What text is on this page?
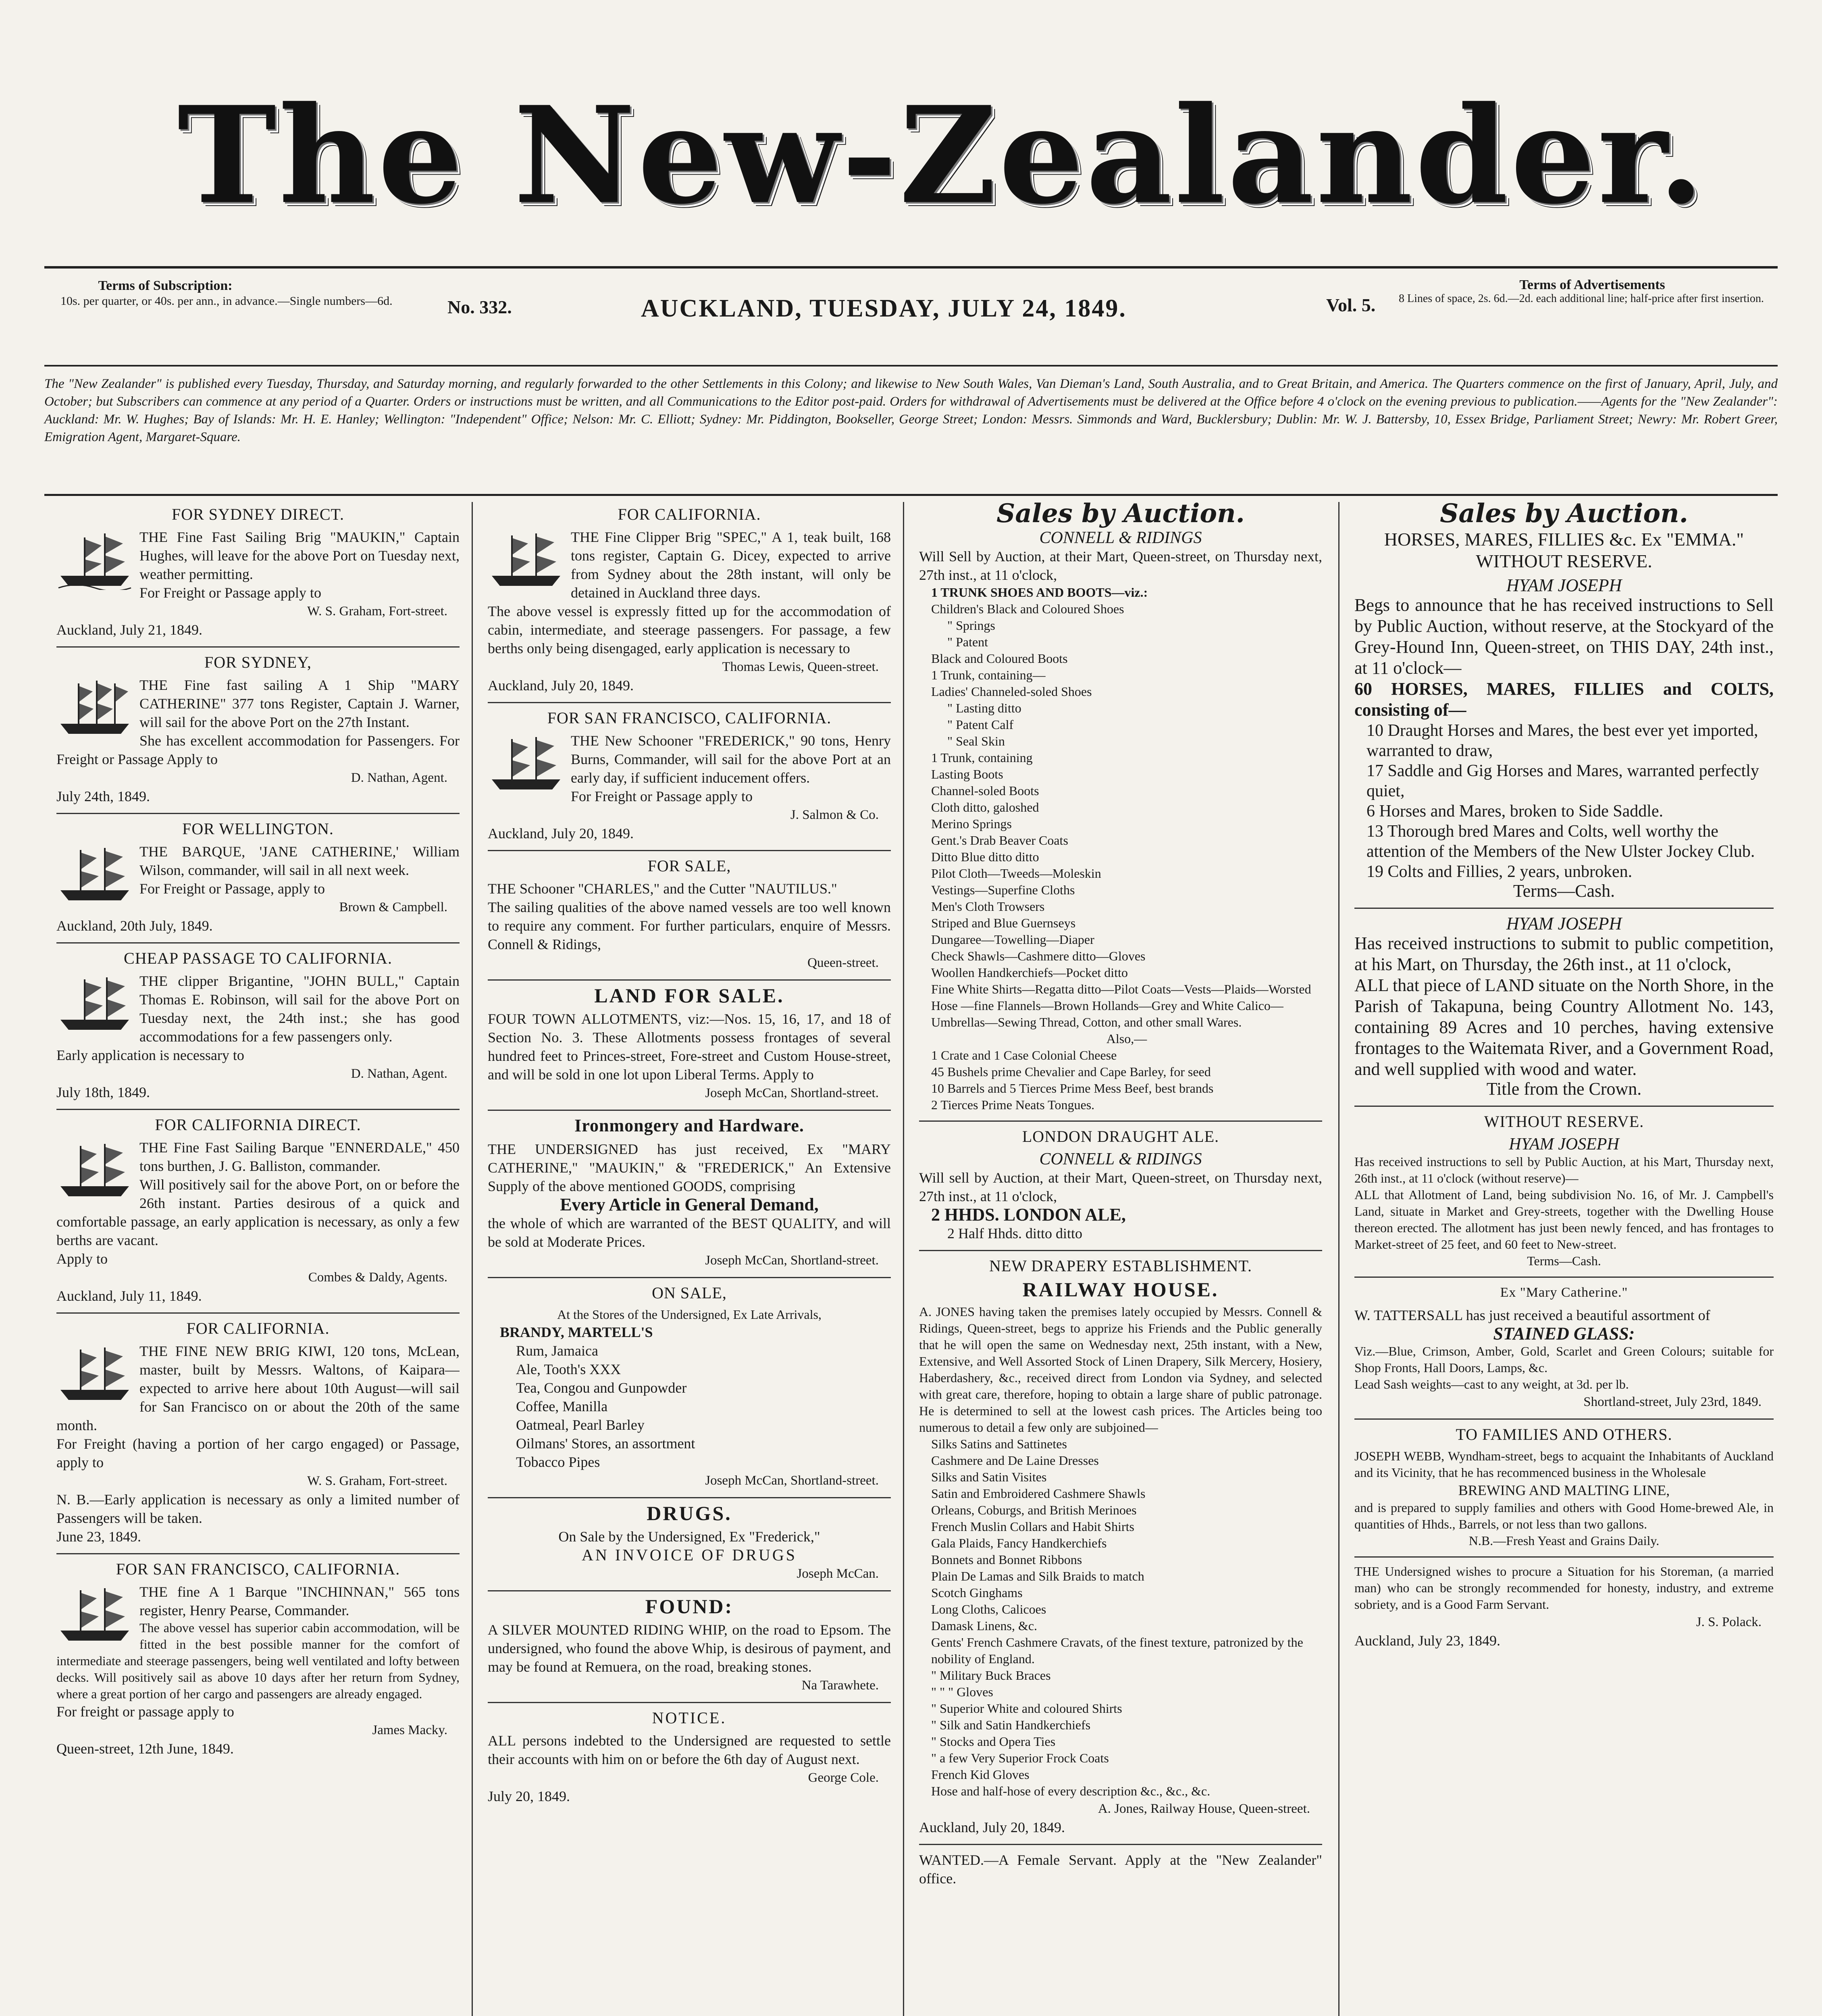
The New-Zealander.
Terms of Subscription:
10s. per quarter, or 40s. per ann., in advance.—Single numbers—6d.	No. 332.	AUCKLAND, TUESDAY, JULY 24, 1849.	Vol. 5.
Terms of Advertisements
8 Lines of space, 2s. 6d.—2d. each additional line; half-price after first insertion.
The "New Zealander" is published every Tuesday, Thursday, and Saturday morning, and regularly forwarded to the other Settlements in this Colony; and likewise to New South Wales, Van Dieman's Land, South Australia, and to Great Britain, and America. The Quarters commence on the first of January, April, July, and October; but Subscribers can commence at any period of a Quarter. Orders or instructions must be written, and all Communications to the Editor post-paid. Orders for withdrawal of Advertisements must be delivered at the Office before 4 o'clock on the evening previous to publication.——Agents for the "New Zealander": Auckland: Mr. W. Hughes; Bay of Islands: Mr. H. E. Hanley; Wellington: "Independent" Office; Nelson: Mr. C. Elliott; Sydney: Mr. Piddington, Bookseller, George Street; London: Messrs. Simmonds and Ward, Bucklersbury; Dublin: Mr. W. J. Battersby, 10, Essex Bridge, Parliament Street; Newry: Mr. Robert Greer, Emigration Agent, Margaret-Square.
FOR SYDNEY DIRECT.
THE Fine Fast Sailing Brig "MAUKIN," Captain Hughes, will leave for the above Port on Tuesday next, weather permitting.
For Freight or Passage apply to
W. S. Graham, Fort-street.
Auckland, July 21, 1849.
FOR SYDNEY,
THE Fine fast sailing A 1 Ship "MARY CATHERINE" 377 tons Register, Captain J. Warner, will sail for the above Port on the 27th Instant.
She has excellent accommodation for Passengers. For Freight or Passage Apply to
D. Nathan, Agent.
July 24th, 1849.
FOR WELLINGTON.
THE BARQUE, 'JANE CATHERINE,' William Wilson, commander, will sail in all next week.
For Freight or Passage, apply to
Brown & Campbell.
Auckland, 20th July, 1849.
CHEAP PASSAGE TO CALIFORNIA.
THE clipper Brigantine, "JOHN BULL," Captain Thomas E. Robinson, will sail for the above Port on Tuesday next, the 24th inst.; she has good accommodations for a few passengers only.
Early application is necessary to
D. Nathan, Agent.
July 18th, 1849.
FOR CALIFORNIA DIRECT.
THE Fine Fast Sailing Barque "ENNERDALE," 450 tons burthen, J. G. Balliston, commander.
Will positively sail for the above Port, on or before the 26th instant. Parties desirous of a quick and comfortable passage, an early application is necessary, as only a few berths are vacant.
Apply to
Combes & Daldy, Agents.
Auckland, July 11, 1849.
FOR CALIFORNIA.
THE FINE NEW BRIG KIWI, 120 tons, McLean, master, built by Messrs. Waltons, of Kaipara—expected to arrive here about 10th August—will sail for San Francisco on or about the 20th of the same month.
For Freight (having a portion of her cargo engaged) or Passage, apply to
W. S. Graham, Fort-street.
N. B.—Early application is necessary as only a limited number of Passengers will be taken.
June 23, 1849.
FOR SAN FRANCISCO, CALIFORNIA.
THE fine A 1 Barque "INCHINNAN," 565 tons register, Henry Pearse, Commander.
The above vessel has superior cabin accommodation, will be fitted in the best possible manner for the comfort of intermediate and steerage passengers, being well ventilated and lofty between decks. Will positively sail as above 10 days after her return from Sydney, where a great portion of her cargo and passengers are already engaged.
For freight or passage apply to
James Macky.
Queen-street, 12th June, 1849.
FOR CALIFORNIA.
THE Fine Clipper Brig "SPEC," A 1, teak built, 168 tons register, Captain G. Dicey, expected to arrive from Sydney about the 28th instant, will only be detained in Auckland three days.
The above vessel is expressly fitted up for the accommodation of cabin, intermediate, and steerage passengers. For passage, a few berths only being disengaged, early application is necessary to
Thomas Lewis, Queen-street.
Auckland, July 20, 1849.
FOR SAN FRANCISCO, CALIFORNIA.
THE New Schooner "FREDERICK," 90 tons, Henry Burns, Commander, will sail for the above Port at an early day, if sufficient inducement offers.
For Freight or Passage apply to
J. Salmon & Co.
Auckland, July 20, 1849.
FOR SALE,
THE Schooner "CHARLES," and the Cutter "NAUTILUS."
The sailing qualities of the above named vessels are too well known to require any comment. For further particulars, enquire of Messrs. Connell & Ridings,
Queen-street.
LAND FOR SALE.
FOUR TOWN ALLOTMENTS, viz:—Nos. 15, 16, 17, and 18 of Section No. 3. These Allotments possess frontages of several hundred feet to Princes-street, Fore-street and Custom House-street, and will be sold in one lot upon Liberal Terms. Apply to
Joseph McCan, Shortland-street.
Ironmongery and Hardware.
THE UNDERSIGNED has just received, Ex "MARY CATHERINE," "MAUKIN," & "FREDERICK," An Extensive Supply of the above mentioned GOODS, comprising
Every Article in General Demand,
the whole of which are warranted of the BEST QUALITY, and will be sold at Moderate Prices.
Joseph McCan, Shortland-street.
ON SALE,
At the Stores of the Undersigned, Ex Late Arrivals,
BRANDY, MARTELL'S
Rum, Jamaica
Ale, Tooth's XXX
Tea, Congou and Gunpowder
Coffee, Manilla
Oatmeal, Pearl Barley
Oilmans' Stores, an assortment
Tobacco Pipes
Joseph McCan, Shortland-street.
DRUGS.
On Sale by the Undersigned, Ex "Frederick,"
AN INVOICE OF DRUGS
Joseph McCan.
FOUND:
A SILVER MOUNTED RIDING WHIP, on the road to Epsom. The undersigned, who found the above Whip, is desirous of payment, and may be found at Remuera, on the road, breaking stones.
Na Tarawhete.
NOTICE.
ALL persons indebted to the Undersigned are requested to settle their accounts with him on or before the 6th day of August next.
George Cole.
July 20, 1849.
Sales by Auction.
CONNELL & RIDINGS
Will Sell by Auction, at their Mart, Queen-street, on Thursday next, 27th inst., at 11 o'clock,
1 TRUNK SHOES AND BOOTS—viz.:
Children's Black and Coloured Shoes
" Springs
" Patent
Black and Coloured Boots
1 Trunk, containing—
Ladies' Channeled-soled Shoes
" Lasting ditto
" Patent Calf
" Seal Skin
1 Trunk, containing
Lasting Boots
Channel-soled Boots
Cloth ditto, galoshed
Merino Springs
Gent.'s Drab Beaver Coats
Ditto Blue ditto ditto
Pilot Cloth—Tweeds—Moleskin
Vestings—Superfine Cloths
Men's Cloth Trowsers
Striped and Blue Guernseys
Dungaree—Towelling—Diaper
Check Shawls—Cashmere ditto—Gloves
Woollen Handkerchiefs—Pocket ditto
Fine White Shirts—Regatta ditto—Pilot Coats—Vests—Plaids—Worsted Hose —fine Flannels—Brown Hollands—Grey and White Calico—Umbrellas—Sewing Thread, Cotton, and other small Wares.
Also,—
1 Crate and 1 Case Colonial Cheese
45 Bushels prime Chevalier and Cape Barley, for seed
10 Barrels and 5 Tierces Prime Mess Beef, best brands
2 Tierces Prime Neats Tongues.
LONDON DRAUGHT ALE.
CONNELL & RIDINGS
Will sell by Auction, at their Mart, Queen-street, on Thursday next, 27th inst., at 11 o'clock,
2 HHDS. LONDON ALE,
2 Half Hhds. ditto ditto
NEW DRAPERY ESTABLISHMENT.
RAILWAY HOUSE.
A. JONES having taken the premises lately occupied by Messrs. Connell & Ridings, Queen-street, begs to apprize his Friends and the Public generally that he will open the same on Wednesday next, 25th instant, with a New, Extensive, and Well Assorted Stock of Linen Drapery, Silk Mercery, Hosiery, Haberdashery, &c., received direct from London via Sydney, and selected with great care, therefore, hoping to obtain a large share of public patronage. He is determined to sell at the lowest cash prices. The Articles being too numerous to detail a few only are subjoined—
Silks Satins and Sattinetes
Cashmere and De Laine Dresses
Silks and Satin Visites
Satin and Embroidered Cashmere Shawls
Orleans, Coburgs, and British Merinoes
French Muslin Collars and Habit Shirts
Gala Plaids, Fancy Handkerchiefs
Bonnets and Bonnet Ribbons
Plain De Lamas and Silk Braids to match
Scotch Ginghams
Long Cloths, Calicoes
Damask Linens, &c.
Gents' French Cashmere Cravats, of the finest texture, patronized by the nobility of England.
" Military Buck Braces
" " " Gloves
" Superior White and coloured Shirts
" Silk and Satin Handkerchiefs
" Stocks and Opera Ties
" a few Very Superior Frock Coats
French Kid Gloves
Hose and half-hose of every description &c., &c., &c.
A. Jones, Railway House, Queen-street.
Auckland, July 20, 1849.
WANTED.—A Female Servant. Apply at the "New Zealander" office.
Sales by Auction.
HORSES, MARES, FILLIES &c. Ex "EMMA." WITHOUT RESERVE.
HYAM JOSEPH
Begs to announce that he has received instructions to Sell by Public Auction, without reserve, at the Stockyard of the Grey-Hound Inn, Queen-street, on THIS DAY, 24th inst., at 11 o'clock—
60 HORSES, MARES, FILLIES and COLTS, consisting of—
10 Draught Horses and Mares, the best ever yet imported, warranted to draw,
17 Saddle and Gig Horses and Mares, warranted perfectly quiet,
6 Horses and Mares, broken to Side Saddle.
13 Thorough bred Mares and Colts, well worthy the attention of the Members of the New Ulster Jockey Club.
19 Colts and Fillies, 2 years, unbroken.
Terms—Cash.
HYAM JOSEPH
Has received instructions to submit to public competition, at his Mart, on Thursday, the 26th inst., at 11 o'clock,
ALL that piece of LAND situate on the North Shore, in the Parish of Takapuna, being Country Allotment No. 143, containing 89 Acres and 10 perches, having extensive frontages to the Waitemata River, and a Government Road, and well supplied with wood and water.
Title from the Crown.
WITHOUT RESERVE.
HYAM JOSEPH
Has received instructions to sell by Public Auction, at his Mart, Thursday next, 26th inst., at 11 o'clock (without reserve)—
ALL that Allotment of Land, being subdivision No. 16, of Mr. J. Campbell's Land, situate in Market and Grey-streets, together with the Dwelling House thereon erected. The allotment has just been newly fenced, and has frontages to Market-street of 25 feet, and 60 feet to New-street.
Terms—Cash.
Ex "Mary Catherine."
W. TATTERSALL has just received a beautiful assortment of
STAINED GLASS:
Viz.—Blue, Crimson, Amber, Gold, Scarlet and Green Colours; suitable for Shop Fronts, Hall Doors, Lamps, &c.
Lead Sash weights—cast to any weight, at 3d. per lb.
Shortland-street, July 23rd, 1849.
TO FAMILIES AND OTHERS.
JOSEPH WEBB, Wyndham-street, begs to acquaint the Inhabitants of Auckland and its Vicinity, that he has recommenced business in the Wholesale
BREWING AND MALTING LINE,
and is prepared to supply families and others with Good Home-brewed Ale, in quantities of Hhds., Barrels, or not less than two gallons.
N.B.—Fresh Yeast and Grains Daily.
THE Undersigned wishes to procure a Situation for his Storeman, (a married man) who can be strongly recommended for honesty, industry, and extreme sobriety, and is a Good Farm Servant.
J. S. Polack.
Auckland, July 23, 1849.
